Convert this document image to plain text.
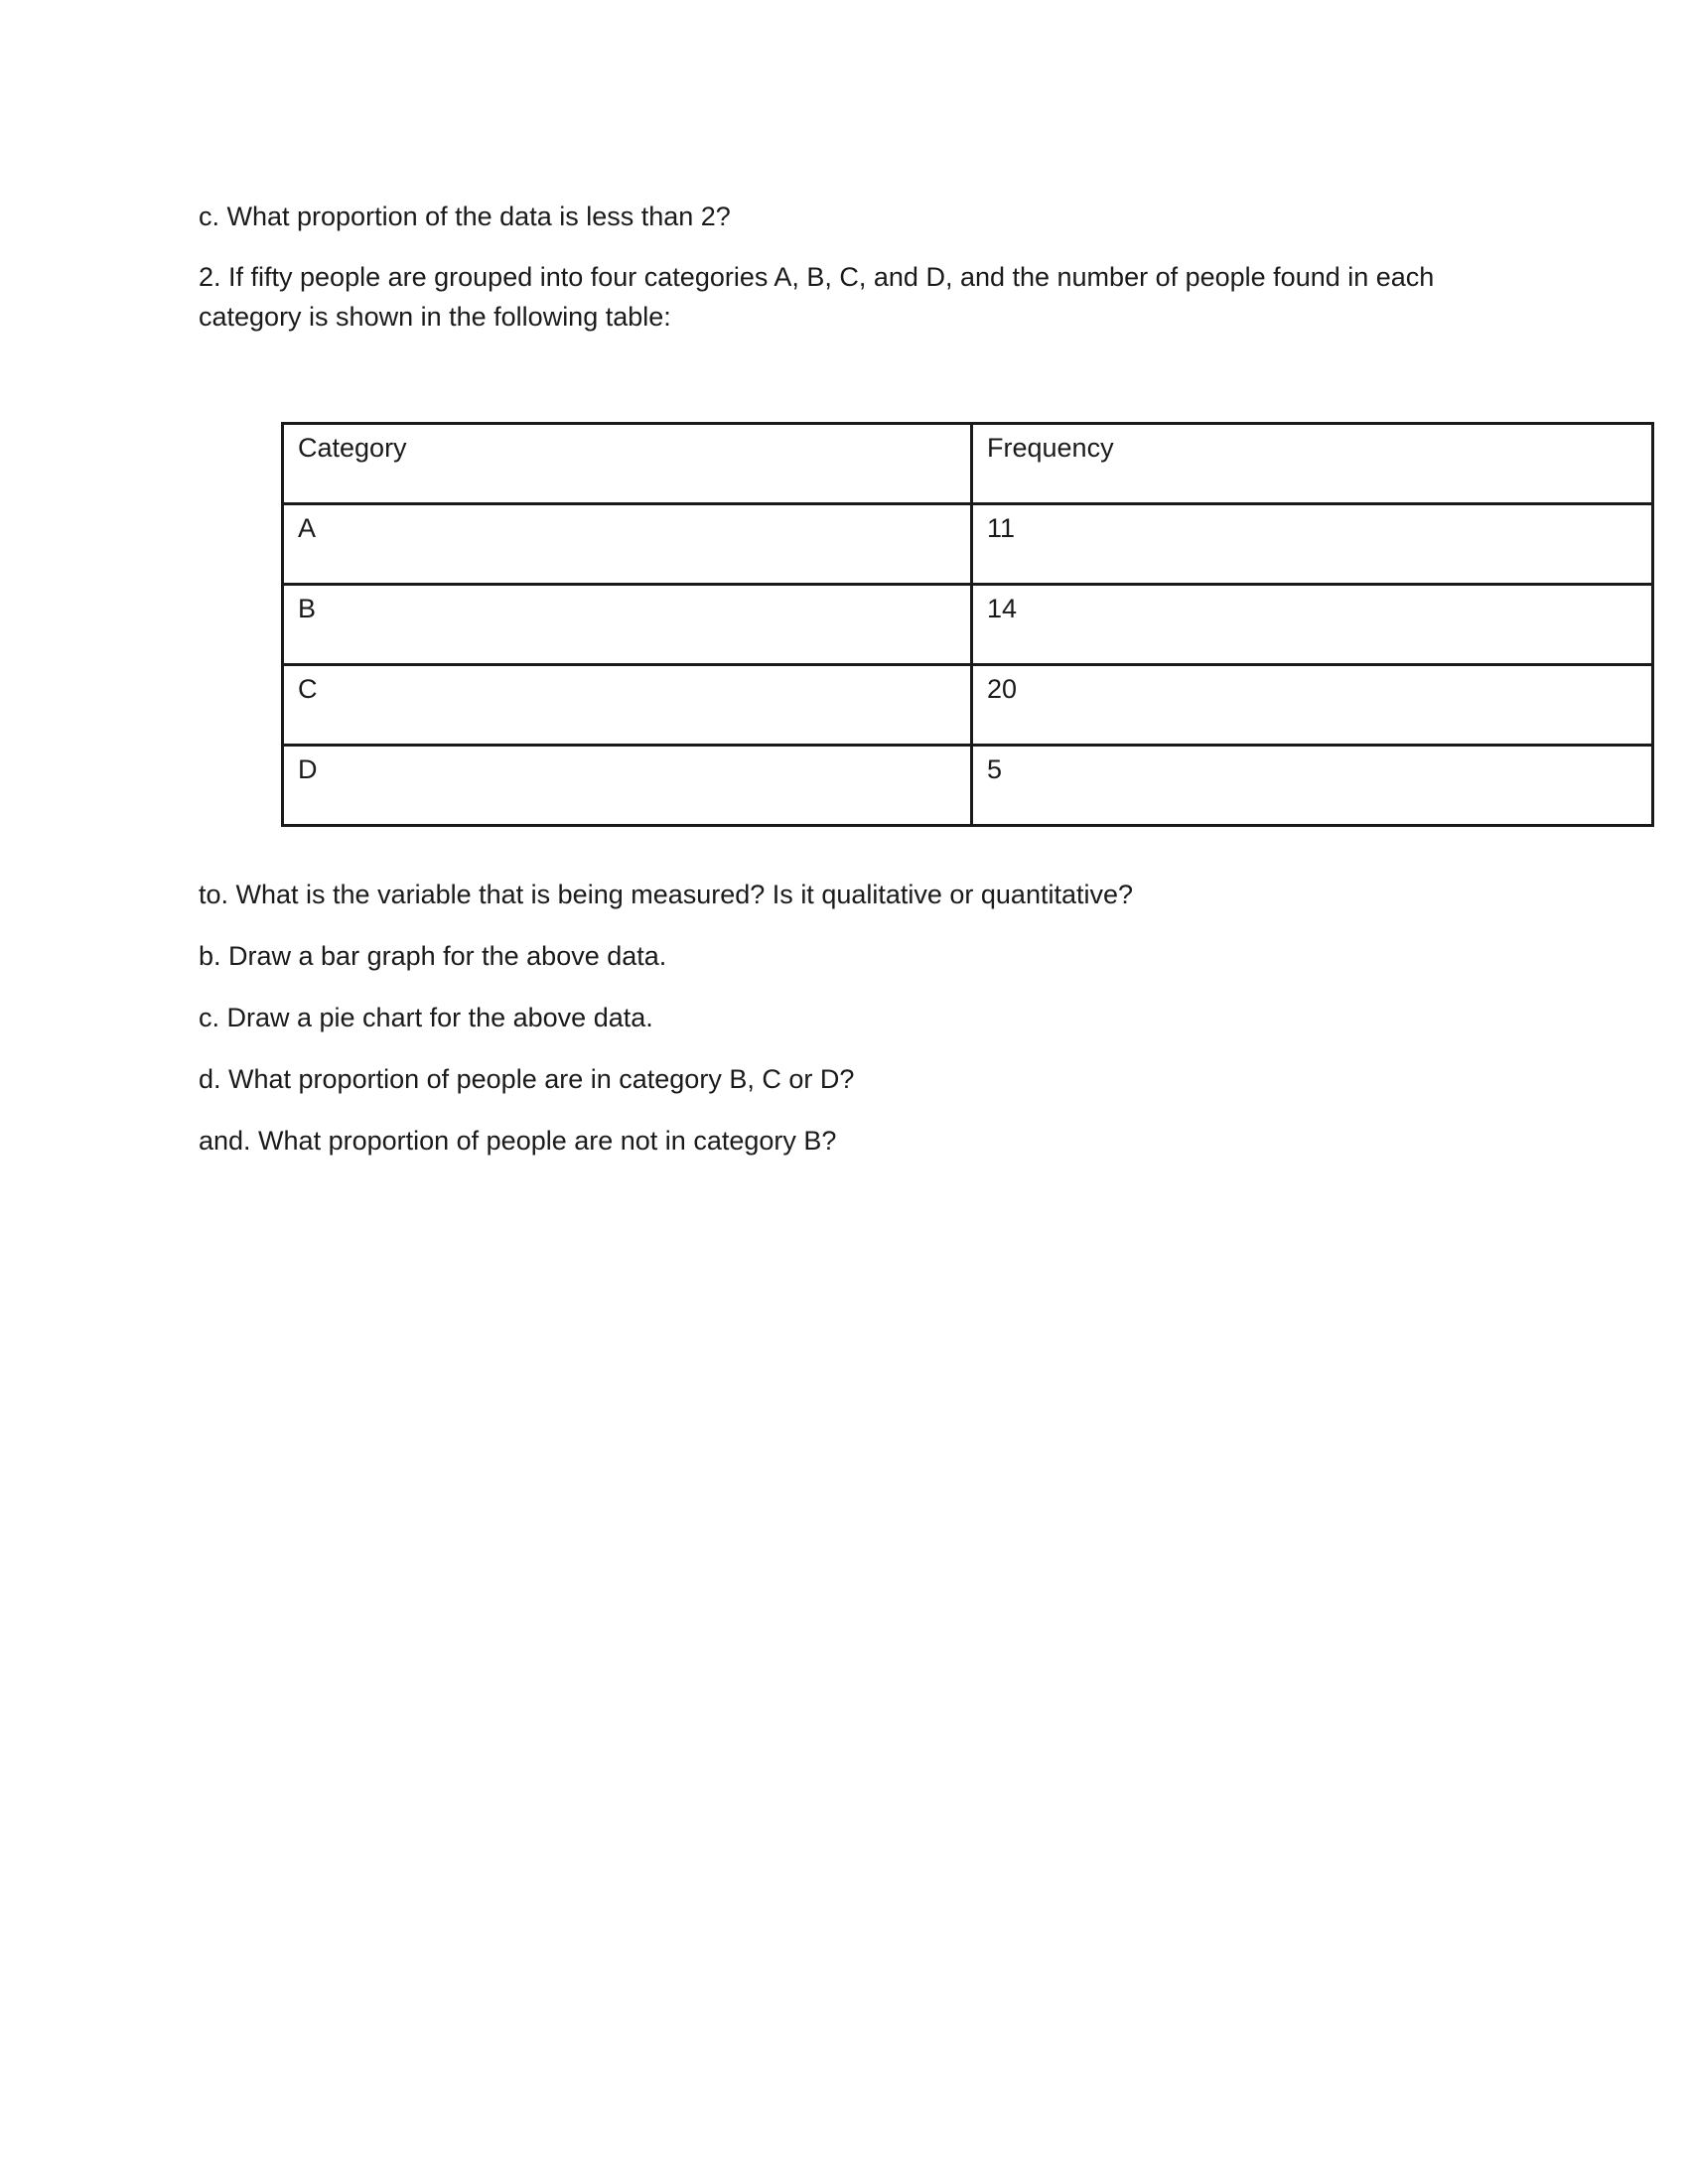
c. What proportion of the data is less than 2?

2. If fifty people are grouped into four categories A, B, C, and D, and the number of people found in each

category is shown in the following table:

Category	Frequency
A	11
B	14
C	20
D	5

to. What is the variable that is being measured? Is it qualitative or quantitative?

b. Draw a bar graph for the above data.

c. Draw a pie chart for the above data.

d. What proportion of people are in category B, C or D?

and. What proportion of people are not in category B?
